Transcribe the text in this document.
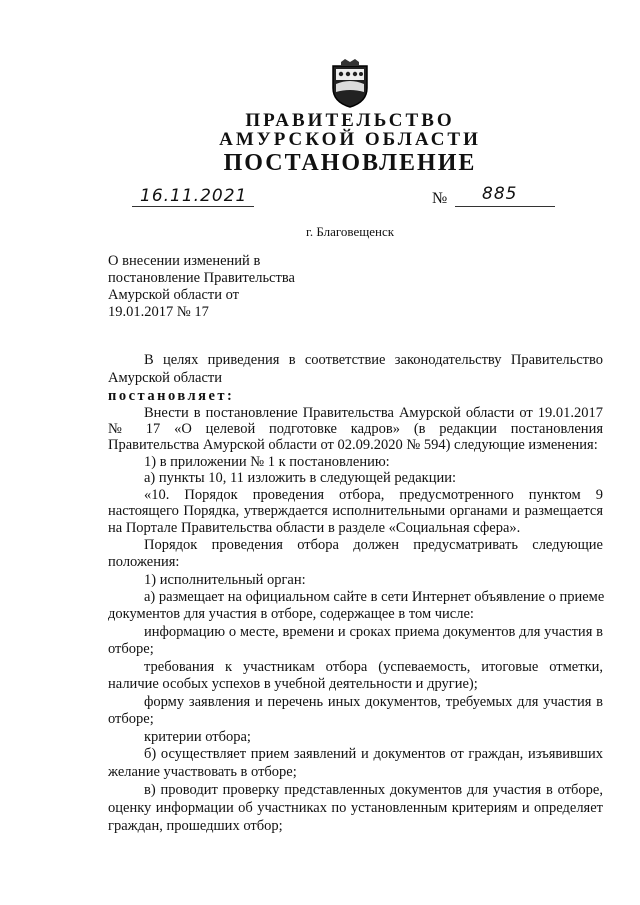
ПРАВИТЕЛЬСТВО
АМУРСКОЙ ОБЛАСТИ
ПОСТАНОВЛЕНИЕ
16.11.2021	№ 885
г. Благовещенск
О внесении изменений в
постановление Правительства
Амурской области от
19.01.2017 № 17
В целях приведения в соответствие законодательству Правительство
Амурской области
постановляет:
Внести в постановление Правительства Амурской области от 19.01.2017
№ 17 «О целевой подготовке кадров» (в редакции постановления
Правительства Амурской области от 02.09.2020 № 594) следующие изменения:
1) в приложении № 1 к постановлению:
а) пункты 10, 11 изложить в следующей редакции:
«10. Порядок проведения отбора, предусмотренного пунктом 9
настоящего Порядка, утверждается исполнительными органами и размещается
на Портале Правительства области в разделе «Социальная сфера».
Порядок проведения отбора должен предусматривать следующие
положения:
1) исполнительный орган:
а) размещает на официальном сайте в сети Интернет объявление о приеме
документов для участия в отборе, содержащее в том числе:
информацию о месте, времени и сроках приема документов для участия в
отборе;
требования к участникам отбора (успеваемость, итоговые отметки,
наличие особых успехов в учебной деятельности и другие);
форму заявления и перечень иных документов, требуемых для участия в
отборе;
критерии отбора;
б) осуществляет прием заявлений и документов от граждан, изъявивших
желание участвовать в отборе;
в) проводит проверку представленных документов для участия в отборе,
оценку информации об участниках по установленным критериям и определяет
граждан, прошедших отбор;
